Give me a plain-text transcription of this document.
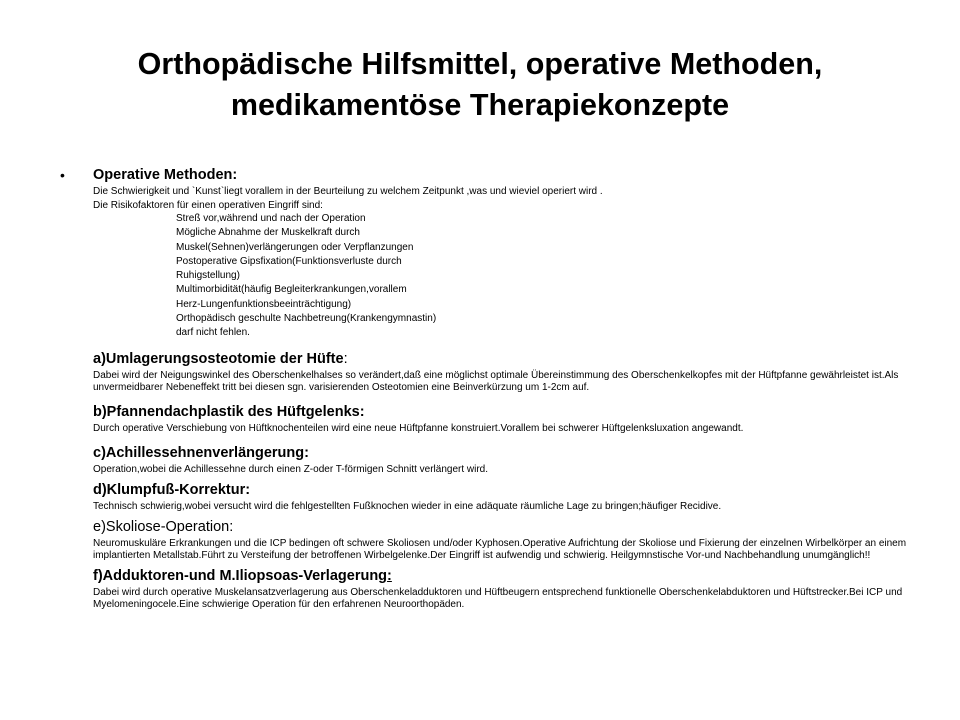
Orthopädische Hilfsmittel, operative Methoden,
medikamentöse Therapiekonzepte
• Operative Methoden:
Die Schwierigkeit und `Kunst`liegt vorallem in der Beurteilung zu welchem Zeitpunkt ,was und wieviel operiert wird .
Die Risikofaktoren für einen operativen Eingriff sind:
Streß vor,während und nach der Operation
Mögliche Abnahme der Muskelkraft durch
Muskel(Sehnen)verlängerungen oder Verpflanzungen
Postoperative Gipsfixation(Funktionsverluste durch
Ruhigstellung)
Multimorbidität(häufig Begleiterkrankungen,vorallem
Herz-Lungenfunktionsbeeinträchtigung)
Orthopädisch geschulte Nachbetreung(Krankengymnastin)
darf nicht fehlen.
a)Umlagerungsosteotomie der Hüfte:
Dabei wird der Neigungswinkel des Oberschenkelhalses so verändert,daß eine möglichst optimale Übereinstimmung des Oberschenkelkopfes mit der Hüftpfanne gewährleistet ist.Als unvermeidbarer Nebeneffekt tritt bei diesen sgn. varisierenden Osteotomien eine Beinverkürzung um 1-2cm auf.
b)Pfannendachplastik des Hüftgelenks:
Durch operative Verschiebung von Hüftknochenteilen wird eine neue Hüftpfanne konstruiert.Vorallem bei schwerer Hüftgelenksluxation angewandt.
c)Achillessehnenverlängerung:
Operation,wobei die Achillessehne durch einen Z-oder T-förmigen Schnitt verlängert wird.
d)Klumpfuß-Korrektur:
Technisch schwierig,wobei versucht wird die fehlgestellten Fußknochen wieder in eine adäquate räumliche Lage zu bringen;häufiger Recidive.
e)Skoliose-Operation:
Neuromuskuläre Erkrankungen und die ICP bedingen oft schwere Skoliosen und/oder Kyphosen.Operative Aufrichtung der Skoliose und Fixierung der einzelnen Wirbelkörper an einem implantierten Metallstab.Führt zu Versteifung der betroffenen Wirbelgelenke.Der Eingriff ist aufwendig und schwierig. Heilgymnstische Vor-und Nachbehandlung unumgänglich!!
f)Adduktoren-und M.Iliopsoas-Verlagerung:
Dabei wird durch operative Muskelansatzverlagerung aus Oberschenkeladduktoren und Hüftbeugern entsprechend funktionelle Oberschenkelabduktoren und Hüftstrecker.Bei ICP und Myelomeningocele.Eine schwierige Operation für den erfahrenen Neuroorthopäden.
